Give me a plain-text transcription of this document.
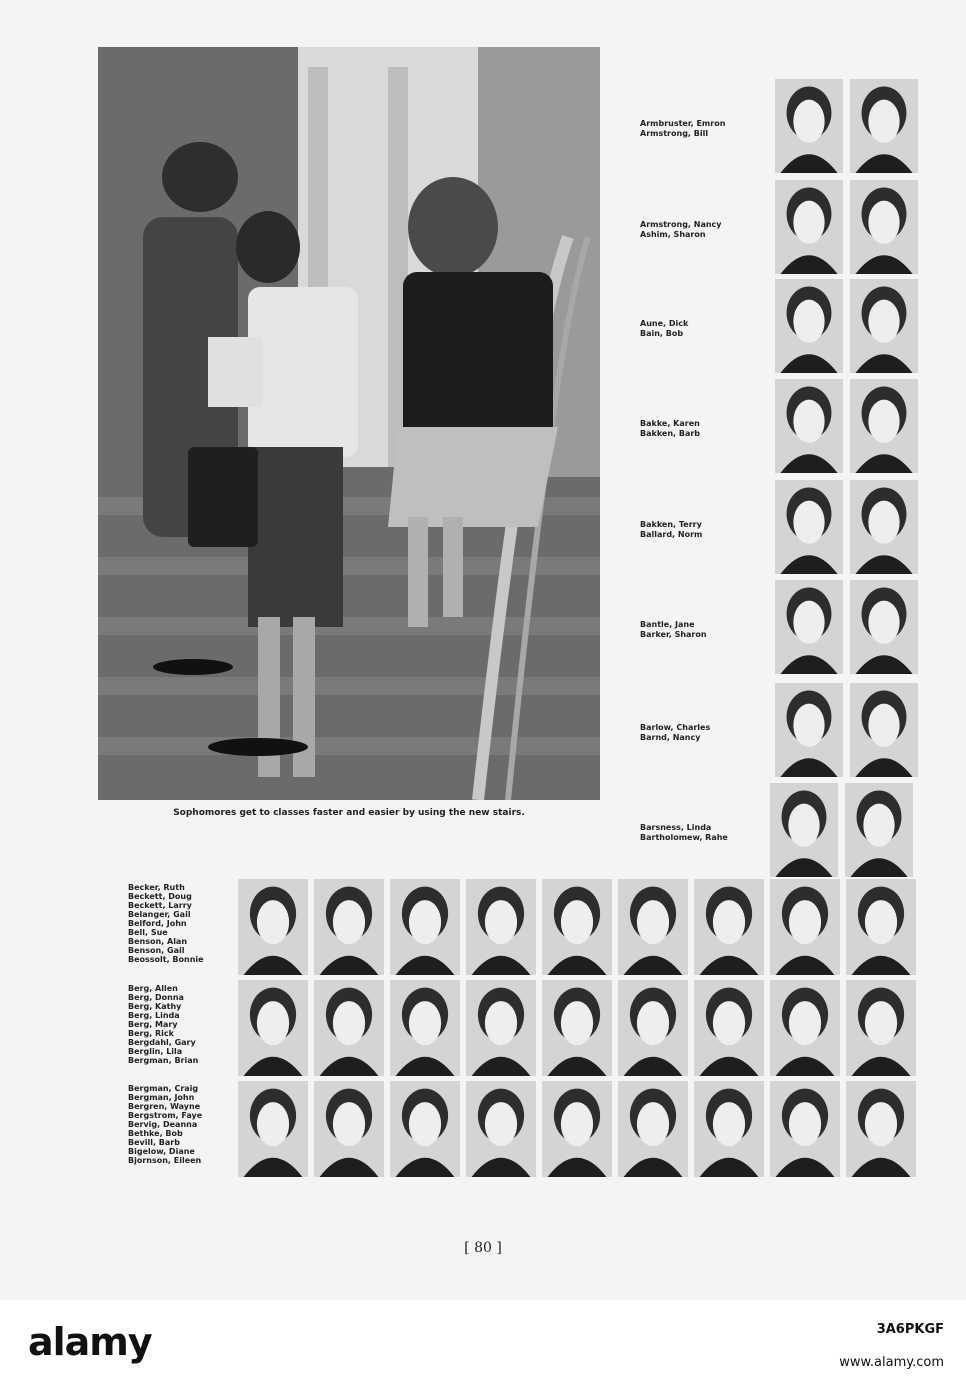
Sophomores get to classes faster and easier by using the new stairs.
Armbruster, Emron
Armstrong, Bill
Armstrong, Nancy
Ashim, Sharon
Aune, Dick
Bain, Bob
Bakke, Karen
Bakken, Barb
Bakken, Terry
Ballard, Norm
Bantle, Jane
Barker, Sharon
Barlow, Charles
Barnd, Nancy
Barsness, Linda
Bartholomew, Rahe
Becker, Ruth
Beckett, Doug
Beckett, Larry
Belanger, Gail
Belford, John
Bell, Sue
Benson, Alan
Benson, Gail
Beossolt, Bonnie
Berg, Allen
Berg, Donna
Berg, Kathy
Berg, Linda
Berg, Mary
Berg, Rick
Bergdahl, Gary
Berglin, Lila
Bergman, Brian
Bergman, Craig
Bergman, John
Bergren, Wayne
Bergstrom, Faye
Bervig, Deanna
Bethke, Bob
Bevill, Barb
Bigelow, Diane
Bjornson, Eileen
[ 80 ]
alamy	3A6PKGF
www.alamy.com
